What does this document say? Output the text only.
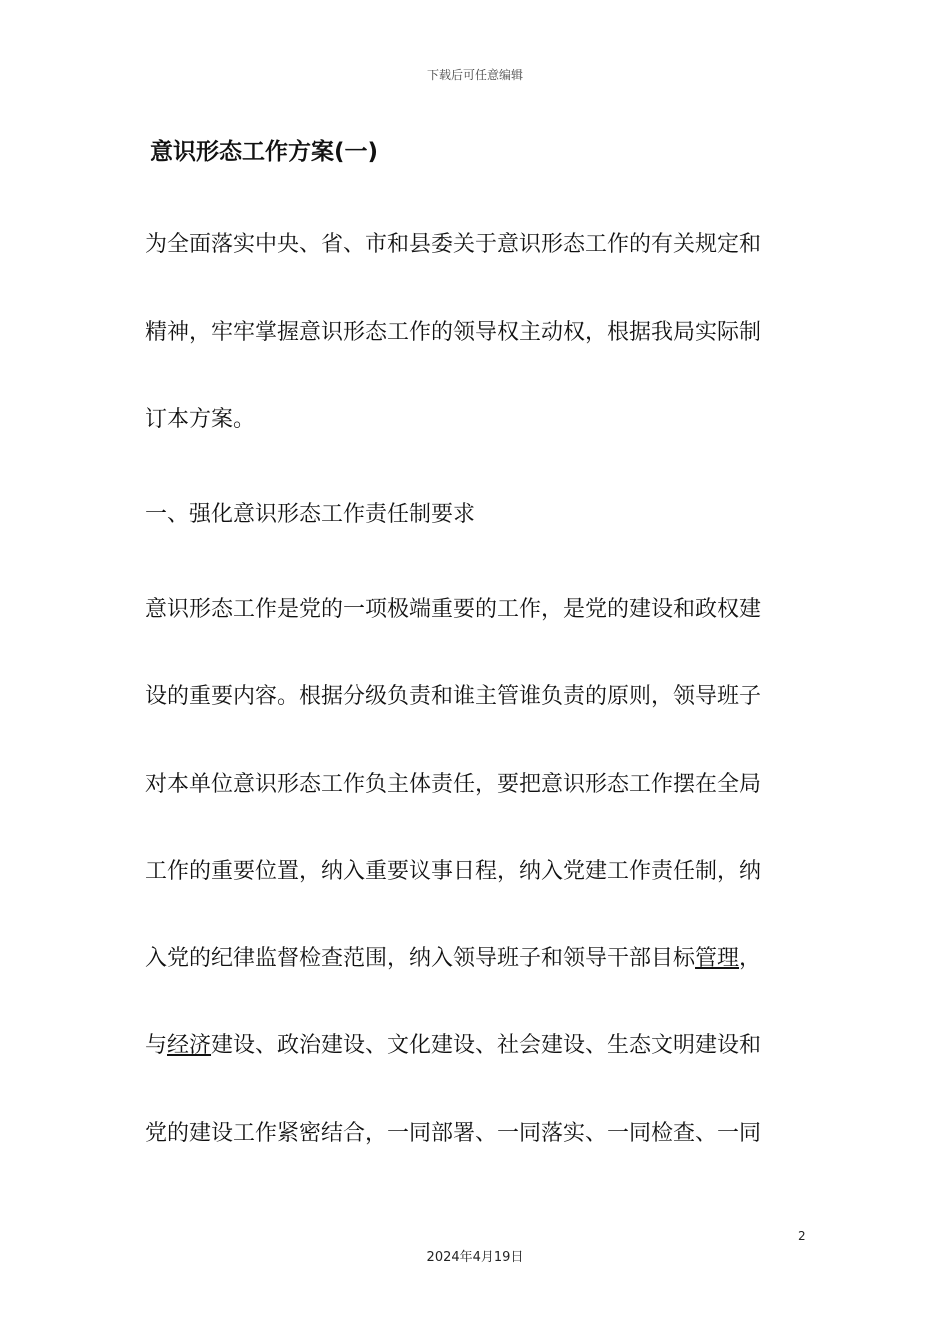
下载后可任意编辑
意识形态工作方案(一)
为全面落实中央、省、市和县委关于意识形态工作的有关规定和
精神，牢牢掌握意识形态工作的领导权主动权，根据我局实际制
订本方案。
一、强化意识形态工作责任制要求
意识形态工作是党的一项极端重要的工作，是党的建设和政权建
设的重要内容。根据分级负责和谁主管谁负责的原则，领导班子
对本单位意识形态工作负主体责任，要把意识形态工作摆在全局
工作的重要位置，纳入重要议事日程，纳入党建工作责任制，纳
入党的纪律监督检查范围，纳入领导班子和领导干部目标管理，
与经济建设、政治建设、文化建设、社会建设、生态文明建设和
党的建设工作紧密结合，一同部署、一同落实、一同检查、一同
2
2024年4月19日
